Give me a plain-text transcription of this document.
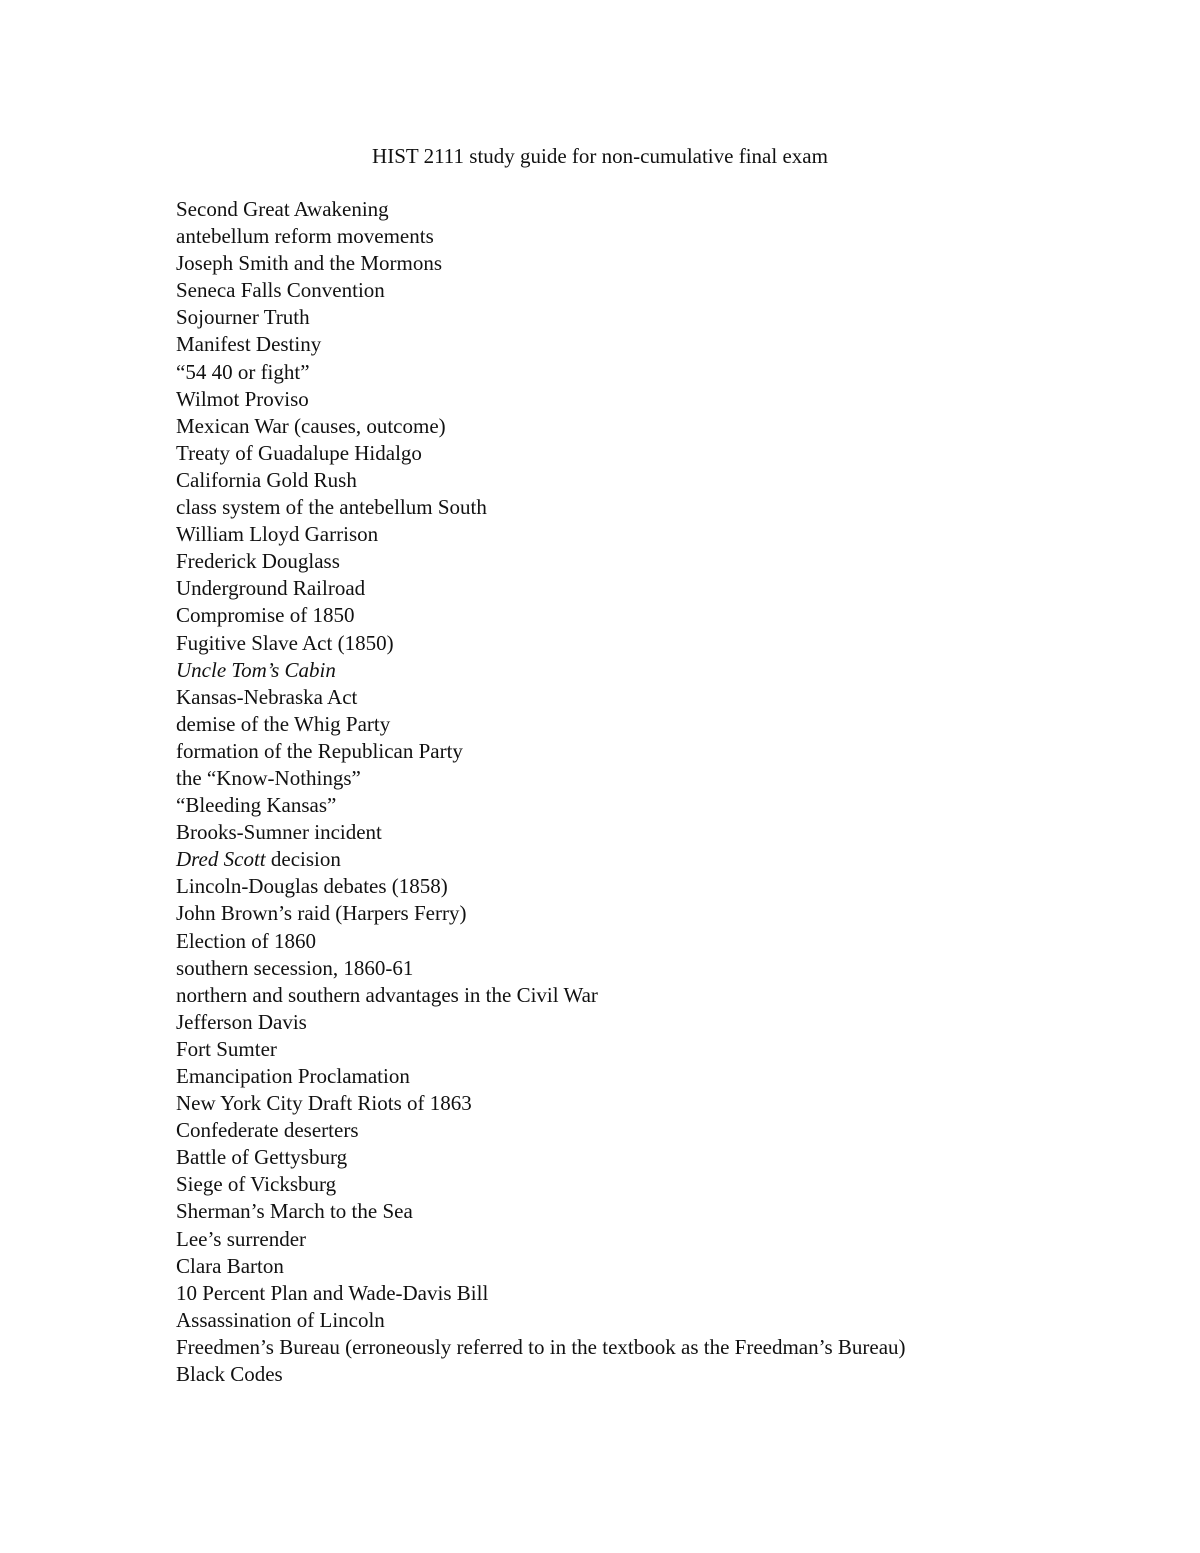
HIST 2111 study guide for non-cumulative final exam
Second Great Awakening
antebellum reform movements
Joseph Smith and the Mormons
Seneca Falls Convention
Sojourner Truth
Manifest Destiny
“54 40 or fight”
Wilmot Proviso
Mexican War (causes, outcome)
Treaty of Guadalupe Hidalgo
California Gold Rush
class system of the antebellum South
William Lloyd Garrison
Frederick Douglass
Underground Railroad
Compromise of 1850
Fugitive Slave Act (1850)
Uncle Tom’s Cabin
Kansas-Nebraska Act
demise of the Whig Party
formation of the Republican Party
the “Know-Nothings”
“Bleeding Kansas”
Brooks-Sumner incident
Dred Scott decision
Lincoln-Douglas debates (1858)
John Brown’s raid (Harpers Ferry)
Election of 1860
southern secession, 1860-61
northern and southern advantages in the Civil War
Jefferson Davis
Fort Sumter
Emancipation Proclamation
New York City Draft Riots of 1863
Confederate deserters
Battle of Gettysburg
Siege of Vicksburg
Sherman’s March to the Sea
Lee’s surrender
Clara Barton
10 Percent Plan and Wade-Davis Bill
Assassination of Lincoln
Freedmen’s Bureau (erroneously referred to in the textbook as the Freedman’s Bureau)
Black Codes
